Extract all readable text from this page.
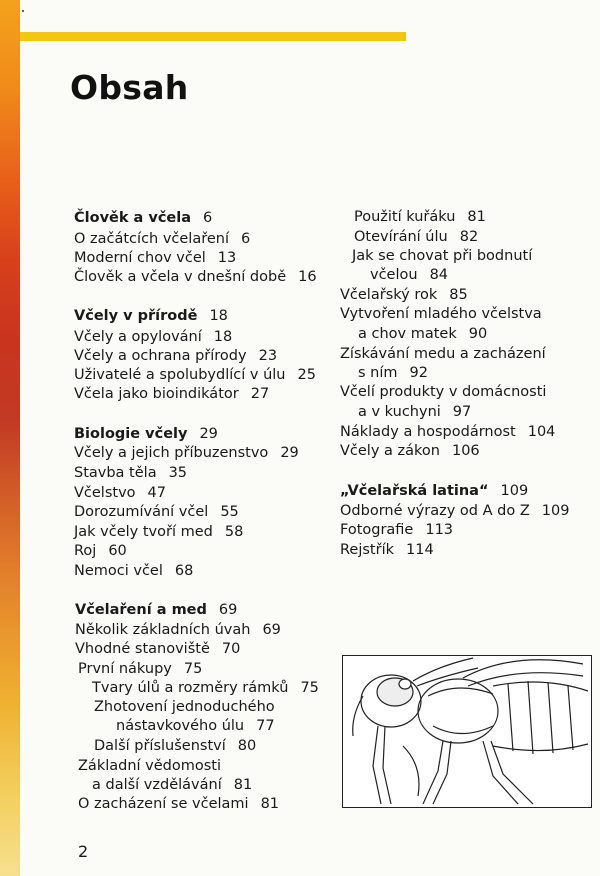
Obsah
Člověk a včela 6
O začátcích včelaření 6
Moderní chov včel 13
Člověk a včela v dnešní době 16
Včely v přírodě 18
Včely a opylování 18
Včely a ochrana přírody 23
Uživatelé a spolubydlící v úlu 25
Včela jako bioindikátor 27
Biologie včely 29
Včely a jejich příbuzenstvo 29
Stavba těla 35
Včelstvo 47
Dorozumívání včel 55
Jak včely tvoří med 58
Roj 60
Nemoci včel 68
Včelaření a med 69
Několik základních úvah 69
Vhodné stanoviště 70
První nákupy 75
Tvary úlů a rozměry rámků 75
Zhotovení jednoduchého
nástavkového úlu 77
Další příslušenství 80
Základní vědomosti
a další vzdělávání 81
O zacházení se včelami 81
Použití kuřáku 81
Otevírání úlu 82
Jak se chovat při bodnutí
včelou 84
Včelařský rok 85
Vytvoření mladého včelstva
a chov matek 90
Získávání medu a zacházení
s ním 92
Včelí produkty v domácnosti
a v kuchyni 97
Náklady a hospodárnost 104
Včely a zákon 106
„Včelařská latina“ 109
Odborné výrazy od A do Z 109
Fotografie 113
Rejstřík 114
2
